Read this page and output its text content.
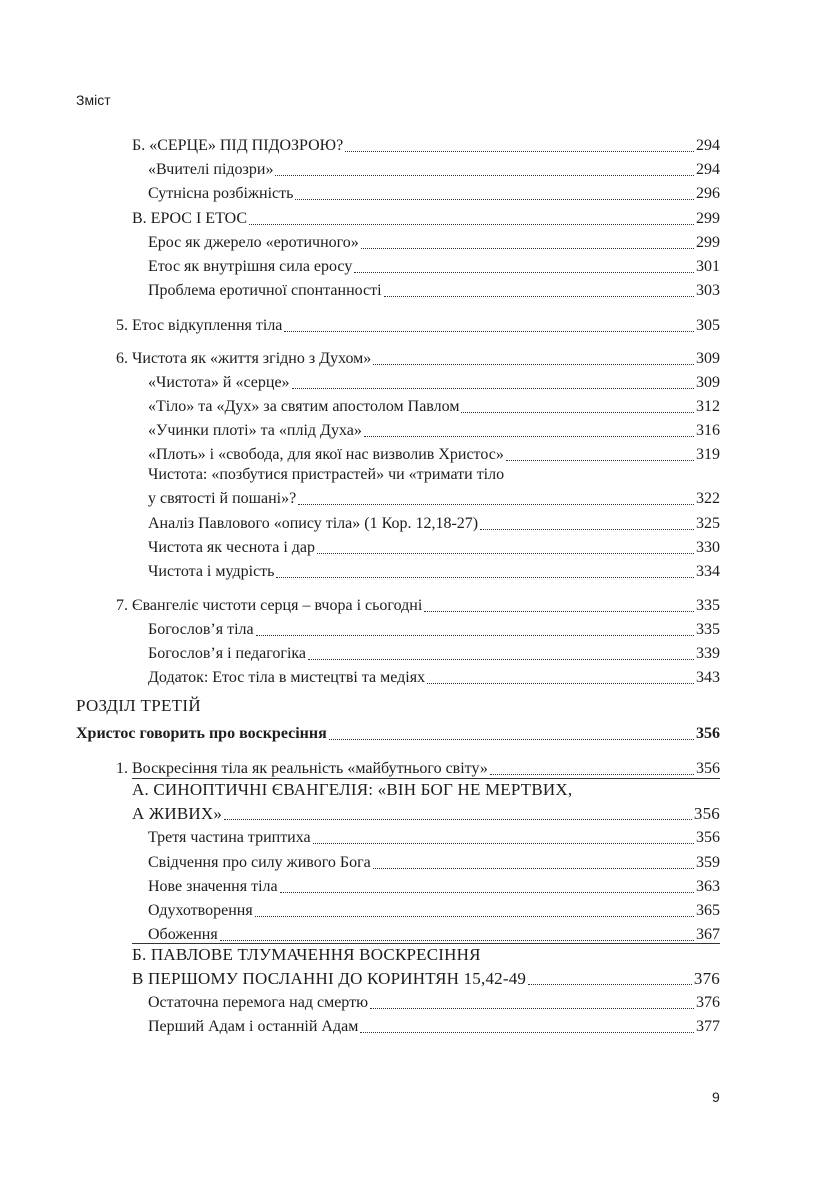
Зміст
Б. «СЕРЦЕ» ПІД ПІДОЗРОЮ?	294
«Вчителі підозри»	294
Сутнісна розбіжність	296
В. ЕРОС І ЕТОС	299
Ерос як джерело «еротичного»	299
Етос як внутрішня сила еросу	301
Проблема еротичної спонтанності	303
5. Етос відкуплення тіла	305
6. Чистота як «життя згідно з Духом»	309
«Чистота» й «серце»	309
«Тіло» та «Дух» за святим апостолом Павлом	312
«Учинки плоті» та «плід Духа»	316
«Плоть» і «свобода, для якої нас визволив Христос»	319
Чистота: «позбутися пристрастей» чи «тримати тіло
у святості й пошані»?	322
Аналіз Павлового «опису тіла» (1 Кор. 12,18-27)	325
Чистота як чеснота і дар	330
Чистота і мудрість	334
7. Євангеліє чистоти серця – вчора і сьогодні	335
Богослов’я тіла	335
Богослов’я і педагогіка	339
Додаток: Етос тіла в мистецтві та медіях	343
РОЗДІЛ ТРЕТІЙ
Христос говорить про воскресіння	356
1. Воскресіння тіла як реальність «майбутнього світу»	356
А. СИНОПТИЧНІ ЄВАНГЕЛІЯ: «ВІН БОГ НЕ МЕРТВИХ,
А ЖИВИХ»	356
Третя частина триптиха	356
Свідчення про силу живого Бога	359
Нове значення тіла	363
Одухотворення	365
Обоження	367
Б. ПАВЛОВЕ ТЛУМАЧЕННЯ ВОСКРЕСІННЯ
В ПЕРШОМУ ПОСЛАННІ ДО КОРИНТЯН 15,42-49	376
Остаточна перемога над смертю	376
Перший Адам і останній Адам	377
9
